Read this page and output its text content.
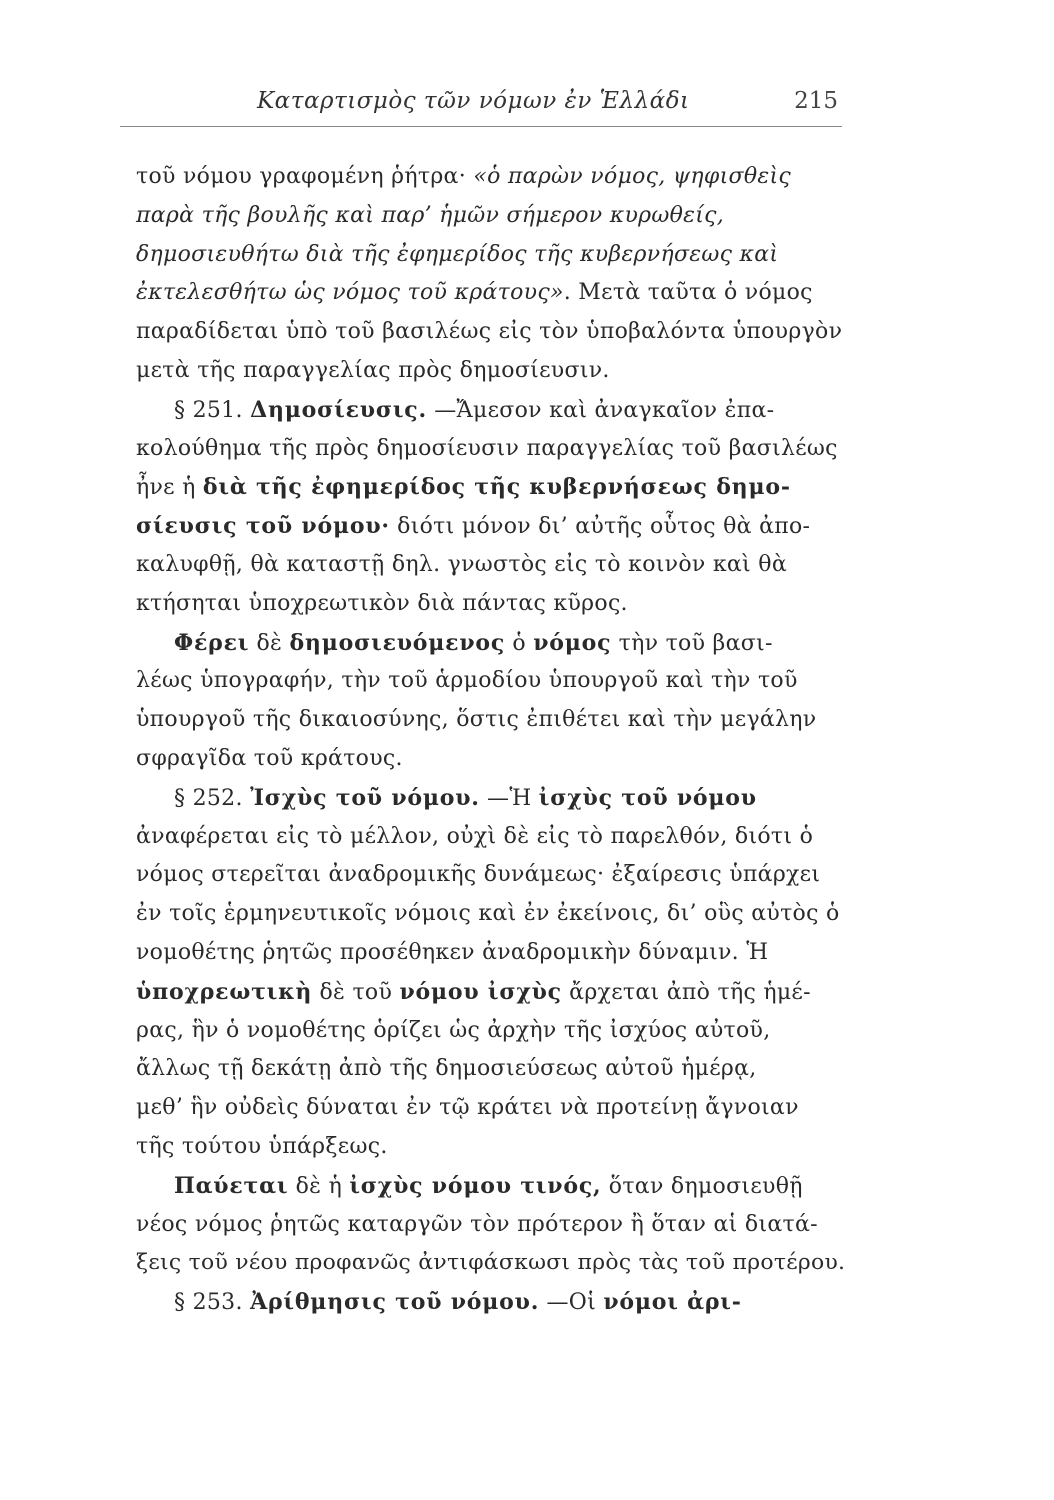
Καταρτισμὸς τῶν νόμων ἐν Ἑλλάδι	215
τοῦ νόμου γραφομένη ῥήτρα· «ὁ παρὼν νόμος, ψηφισθεὶς
παρὰ τῆς βουλῆς καὶ παρ’ ἡμῶν σήμερον κυρωθείς,
δημοσιευθήτω διὰ τῆς ἐφημερίδος τῆς κυβερνήσεως καὶ
ἐκτελεσθήτω ὡς νόμος τοῦ κράτους». Μετὰ ταῦτα ὁ νόμος
παραδίδεται ὑπὸ τοῦ βασιλέως εἰς τὸν ὑποβαλόντα ὑπουργὸν
μετὰ τῆς παραγγελίας πρὸς δημοσίευσιν.
§ 251. Δημοσίευσις. —Ἄμεσον καὶ ἀναγκαῖον ἐπα-
κολούθημα τῆς πρὸς δημοσίευσιν παραγγελίας τοῦ βασιλέως
ἦνε ἡ διὰ τῆς ἐφημερίδος τῆς κυβερνήσεως δημο-
σίευσις τοῦ νόμου· διότι μόνον δι’ αὐτῆς οὗτος θὰ ἀπο-
καλυφθῇ, θὰ καταστῇ δηλ. γνωστὸς εἰς τὸ κοινὸν καὶ θὰ
κτήσηται ὑποχρεωτικὸν διὰ πάντας κῦρος.
Φέρει δὲ δημοσιευόμενος ὁ νόμος τὴν τοῦ βασι-
λέως ὑπογραφήν, τὴν τοῦ ἁρμοδίου ὑπουργοῦ καὶ τὴν τοῦ
ὑπουργοῦ τῆς δικαιοσύνης, ὅστις ἐπιθέτει καὶ τὴν μεγάλην
σφραγῖδα τοῦ κράτους.
§ 252. Ἰσχὺς τοῦ νόμου. —Ἡ ἰσχὺς τοῦ νόμου
ἀναφέρεται εἰς τὸ μέλλον, οὐχὶ δὲ εἰς τὸ παρελθόν, διότι ὁ
νόμος στερεῖται ἀναδρομικῆς δυνάμεως· ἐξαίρεσις ὑπάρχει
ἐν τοῖς ἑρμηνευτικοῖς νόμοις καὶ ἐν ἐκείνοις, δι’ οὓς αὐτὸς ὁ
νομοθέτης ῥητῶς προσέθηκεν ἀναδρομικὴν δύναμιν. Ἡ
ὑποχρεωτικὴ δὲ τοῦ νόμου ἰσχὺς ἄρχεται ἀπὸ τῆς ἡμέ-
ρας, ἣν ὁ νομοθέτης ὁρίζει ὡς ἀρχὴν τῆς ἰσχύος αὐτοῦ,
ἄλλως τῇ δεκάτῃ ἀπὸ τῆς δημοσιεύσεως αὐτοῦ ἡμέρᾳ,
μεθ’ ἣν οὐδεὶς δύναται ἐν τῷ κράτει νὰ προτείνῃ ἄγνοιαν
τῆς τούτου ὑπάρξεως.
Παύεται δὲ ἡ ἰσχὺς νόμου τινός, ὅταν δημοσιευθῇ
νέος νόμος ῥητῶς καταργῶν τὸν πρότερον ἢ ὅταν αἱ διατά-
ξεις τοῦ νέου προφανῶς ἀντιφάσκωσι πρὸς τὰς τοῦ προτέρου.
§ 253. Ἀρίθμησις τοῦ νόμου. —Οἱ νόμοι ἀρι-
